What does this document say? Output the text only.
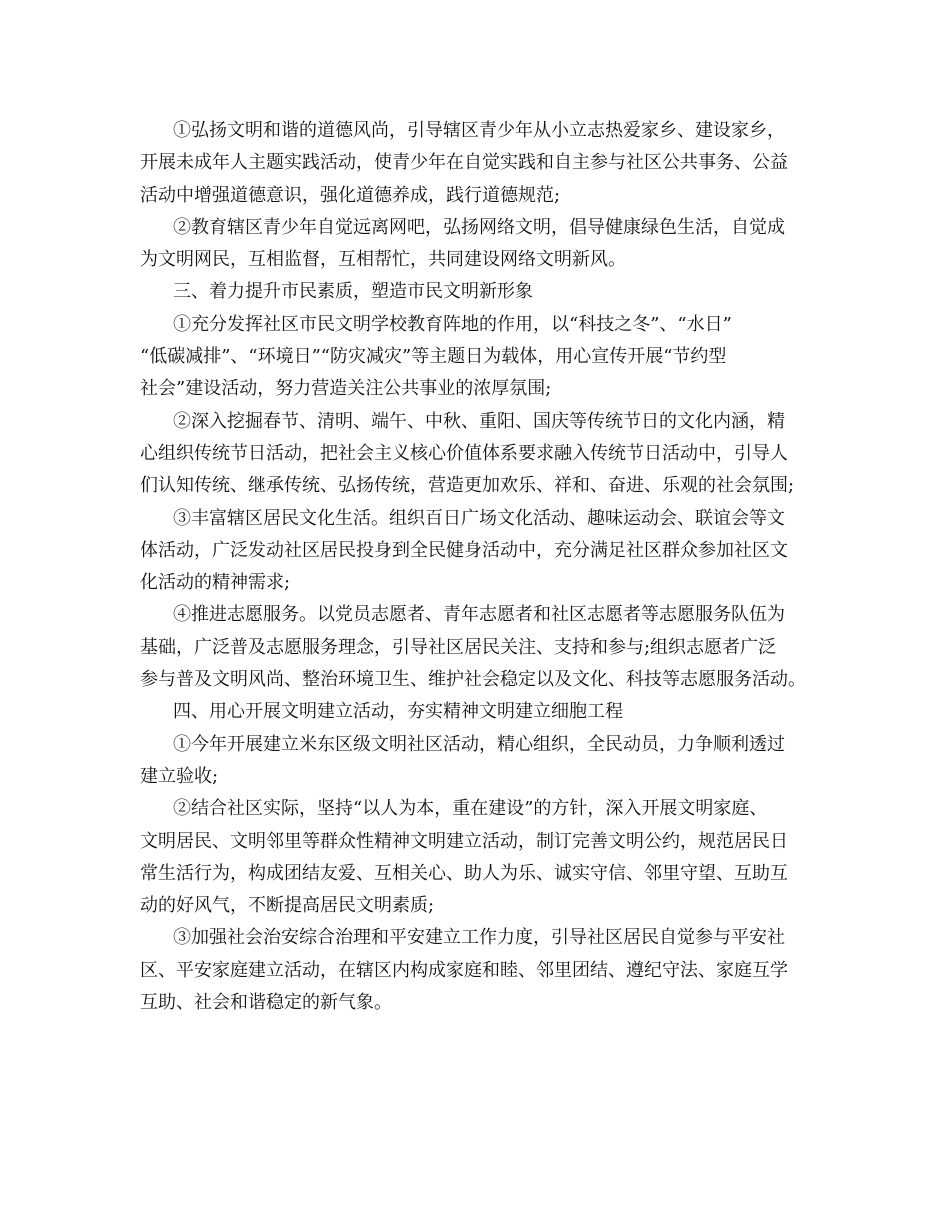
①弘扬文明和谐的道德风尚，引导辖区青少年从小立志热爱家乡、建设家乡，
开展未成年人主题实践活动，使青少年在自觉实践和自主参与社区公共事务、公益
活动中增强道德意识，强化道德养成，践行道德规范;
②教育辖区青少年自觉远离网吧，弘扬网络文明，倡导健康绿色生活，自觉成
为文明网民，互相监督，互相帮忙，共同建设网络文明新风。
三、着力提升市民素质，塑造市民文明新形象
①充分发挥社区市民文明学校教育阵地的作用，以“科技之冬”、“水日”
“低碳减排”、“环境日”“防灾减灾”等主题日为载体，用心宣传开展“节约型
社会”建设活动，努力营造关注公共事业的浓厚氛围;
②深入挖掘春节、清明、端午、中秋、重阳、国庆等传统节日的文化内涵，精
心组织传统节日活动，把社会主义核心价值体系要求融入传统节日活动中，引导人
们认知传统、继承传统、弘扬传统，营造更加欢乐、祥和、奋进、乐观的社会氛围;
③丰富辖区居民文化生活。组织百日广场文化活动、趣味运动会、联谊会等文
体活动，广泛发动社区居民投身到全民健身活动中，充分满足社区群众参加社区文
化活动的精神需求;
④推进志愿服务。以党员志愿者、青年志愿者和社区志愿者等志愿服务队伍为
基础，广泛普及志愿服务理念，引导社区居民关注、支持和参与;组织志愿者广泛
参与普及文明风尚、整治环境卫生、维护社会稳定以及文化、科技等志愿服务活动。
四、用心开展文明建立活动，夯实精神文明建立细胞工程
①今年开展建立米东区级文明社区活动，精心组织，全民动员，力争顺利透过
建立验收;
②结合社区实际，坚持“以人为本，重在建设”的方针，深入开展文明家庭、
文明居民、文明邻里等群众性精神文明建立活动，制订完善文明公约，规范居民日
常生活行为，构成团结友爱、互相关心、助人为乐、诚实守信、邻里守望、互助互
动的好风气，不断提高居民文明素质;
③加强社会治安综合治理和平安建立工作力度，引导社区居民自觉参与平安社
区、平安家庭建立活动，在辖区内构成家庭和睦、邻里团结、遵纪守法、家庭互学
互助、社会和谐稳定的新气象。
